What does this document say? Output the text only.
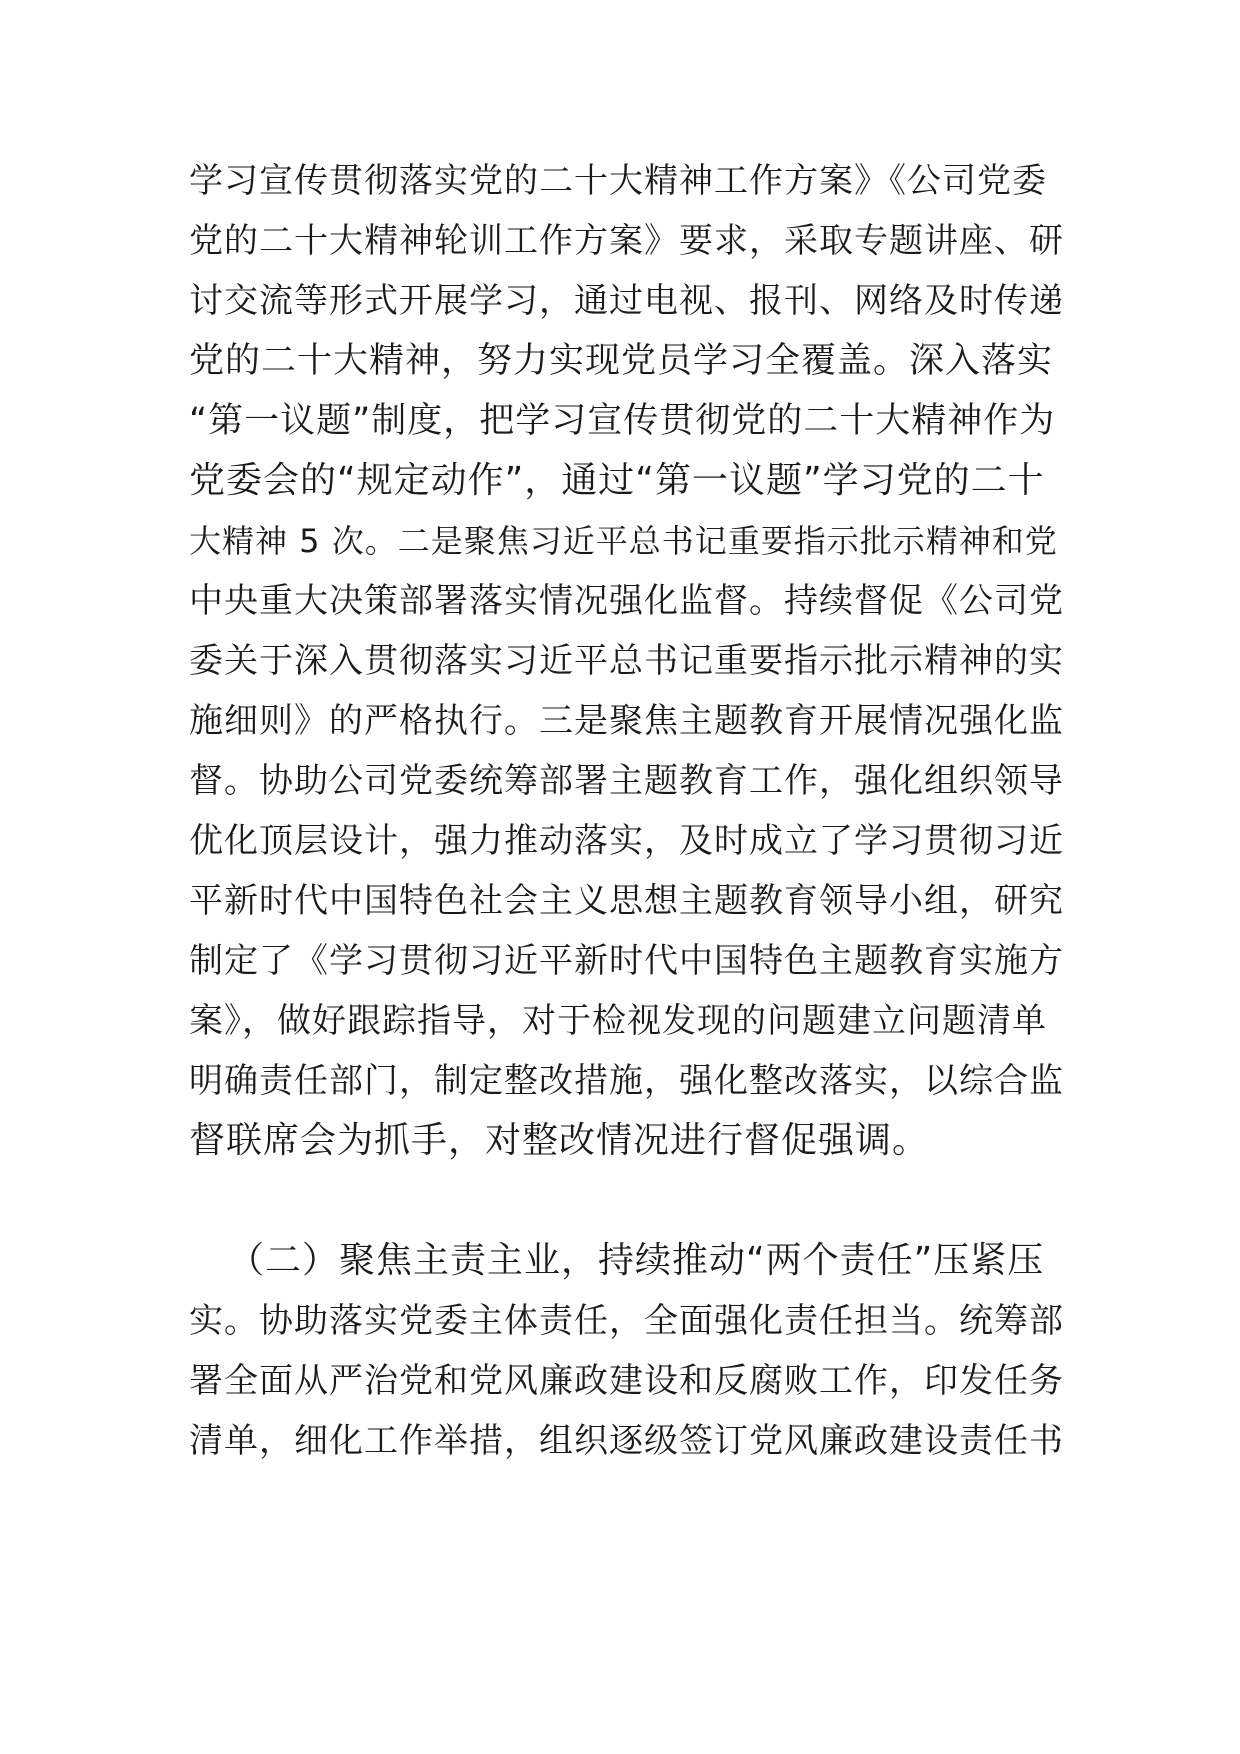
学习宣传贯彻落实党的二十大精神工作方案》《公司党委

党的二十大精神轮训工作方案》要求，采取专题讲座、研

讨交流等形式开展学习，通过电视、报刊、网络及时传递

党的二十大精神，努力实现党员学习全覆盖。深入落实

“第一议题”制度，把学习宣传贯彻党的二十大精神作为

党委会的“规定动作”，通过“第一议题”学习党的二十

大精神 5 次。二是聚焦习近平总书记重要指示批示精神和党

中央重大决策部署落实情况强化监督。持续督促《公司党

委关于深入贯彻落实习近平总书记重要指示批示精神的实

施细则》的严格执行。三是聚焦主题教育开展情况强化监

督。协助公司党委统筹部署主题教育工作，强化组织领导

优化顶层设计，强力推动落实，及时成立了学习贯彻习近

平新时代中国特色社会主义思想主题教育领导小组，研究

制定了《学习贯彻习近平新时代中国特色主题教育实施方

案》，做好跟踪指导，对于检视发现的问题建立问题清单

明确责任部门，制定整改措施，强化整改落实，以综合监

督联席会为抓手，对整改情况进行督促强调。

（二）聚焦主责主业，持续推动“两个责任”压紧压

实。协助落实党委主体责任，全面强化责任担当。统筹部

署全面从严治党和党风廉政建设和反腐败工作，印发任务

清单，细化工作举措，组织逐级签订党风廉政建设责任书
